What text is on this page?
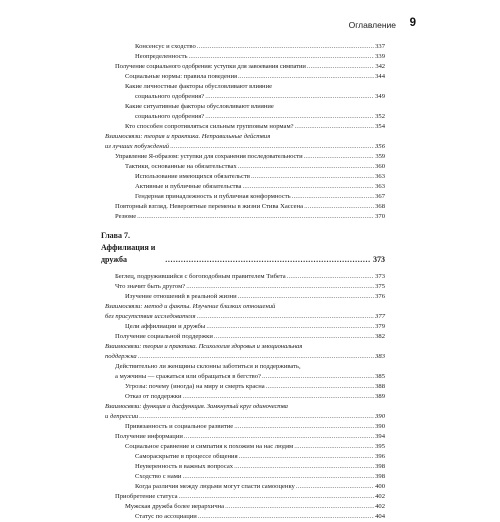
Оглавление 9
Консенсус и сходство .....	337
Неопределенность .....	339
Получение социального одобрения: уступки для завоевания симпатии .....	342
Социальные нормы: правила поведения .....	344
Какие личностные факторы обусловливают влияние
социального одобрения? .....	349
Какие ситуативные факторы обусловливают влияние
социального одобрения? .....	352
Кто способен сопротивляться сильным групповым нормам? .....	354
Взаимосвязи: теория и практика. Неправильные действия
из лучших побуждений .....	356
Управление Я-образом: уступки для сохранения последовательности .....	359
Тактики, основанные на обязательствах .....	360
Использование имеющихся обязательств .....	363
Активные и публичные обязательства .....	363
Гендерная принадлежность и публичная конформность .....	367
Повторный взгляд. Невероятные перемены в жизни Стива Хассена .....	368
Резюме .....	370
Глава 7. Аффилиация и дружба .....	373
Беглец, подружившийся с богоподобным правителем Тибета .....	373
Что значит быть другом? .....	375
Изучение отношений в реальной жизни .....	376
Взаимосвязи: метод и факты. Изучение близких отношений
без присутствия исследователя .....	377
Цели аффилиации и дружбы .....	379
Получение социальной поддержки .....	382
Взаимосвязи: теория и практика. Психология здоровья и эмоциональная
поддержка .....	383
Действительно ли женщины склонны заботиться и поддерживать,
а мужчины — сражаться или обращаться в бегство? .....	385
Угрозы: почему (иногда) на миру и смерть красна .....	388
Отказ от поддержки .....	389
Взаимосвязи: функция и дисфункция. Замкнутый круг одиночества
и депрессии .....	390
Привязанность и социальное развитие .....	390
Получение информации .....	394
Социальное сравнение и симпатия к похожим на нас людям .....	395
Самораскрытие в процессе общения .....	396
Неуверенность в важных вопросах .....	398
Сходство с нами .....	398
Когда различия между людьми могут спасти самооценку .....	400
Приобретение статуса .....	402
Мужская дружба более иерархична .....	402
Статус по ассоциации .....	404
